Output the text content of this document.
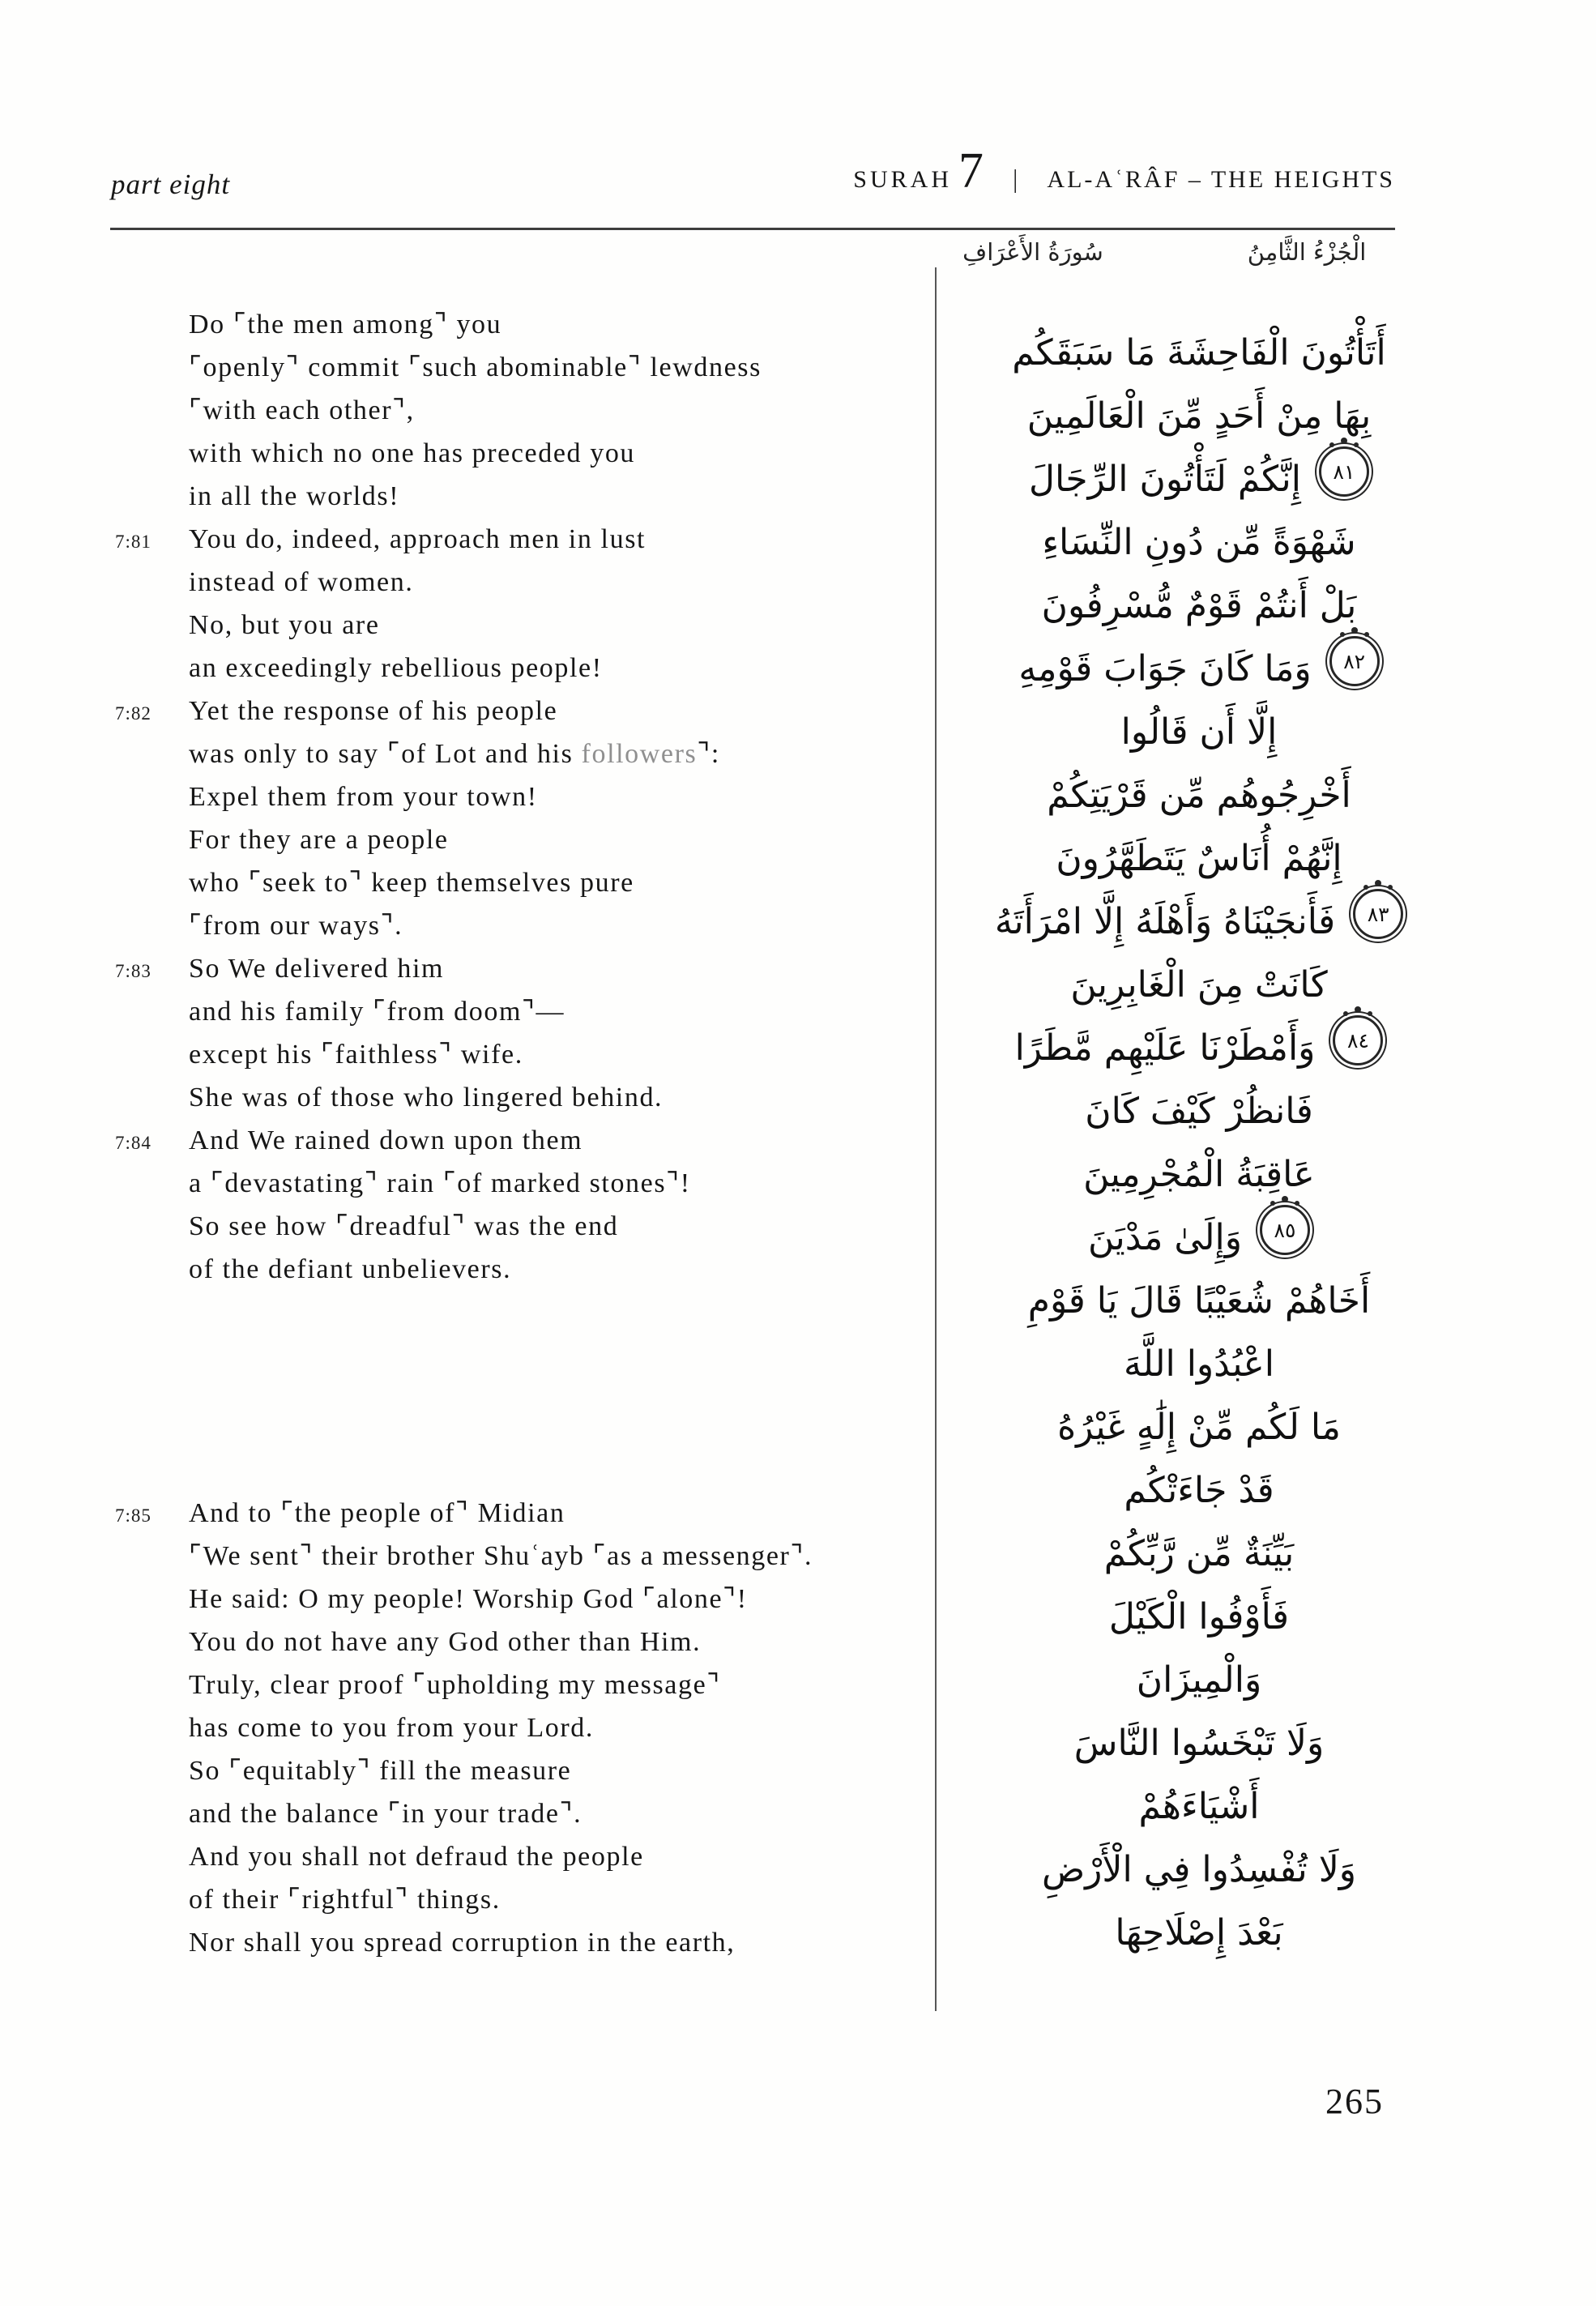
part eight	SURAH 7 | AL-AʿRÂF – THE HEIGHTS
سُورَةُ الأَعْرَافِ	الْجُزْءُ الثَّامِنُ
Do ⌜the men among⌝ you
⌜openly⌝ commit ⌜such abominable⌝ lewdness
⌜with each other⌝,
with which no one has preceded you
in all the worlds!
7:81 You do, indeed, approach men in lust
instead of women.
No, but you are
an exceedingly rebellious people!
7:82 Yet the response of his people
was only to say ⌜of Lot and his followers⌝:
Expel them from your town!
For they are a people
who ⌜seek to⌝ keep themselves pure
⌜from our ways⌝.
7:83 So We delivered him
and his family ⌜from doom⌝—
except his ⌜faithless⌝ wife.
She was of those who lingered behind.
7:84 And We rained down upon them
a ⌜devastating⌝ rain ⌜of marked stones⌝!
So see how ⌜dreadful⌝ was the end
of the defiant unbelievers.
7:85 And to ⌜the people of⌝ Midian
⌜We sent⌝ their brother Shuʿayb ⌜as a messenger⌝.
He said: O my people! Worship God ⌜alone⌝!
You do not have any God other than Him.
Truly, clear proof ⌜upholding my message⌝
has come to you from your Lord.
So ⌜equitably⌝ fill the measure
and the balance ⌜in your trade⌝.
And you shall not defraud the people
of their ⌜rightful⌝ things.
Nor shall you spread corruption in the earth,
أَتَأْتُونَ الْفَاحِشَةَ مَا سَبَقَكُم
بِهَا مِنْ أَحَدٍ مِّنَ الْعَالَمِينَ
٨١إِنَّكُمْ لَتَأْتُونَ الرِّجَالَ
شَهْوَةً مِّن دُونِ النِّسَاءِ
بَلْ أَنتُمْ قَوْمٌ مُّسْرِفُونَ
٨٢وَمَا كَانَ جَوَابَ قَوْمِهِ
إِلَّا أَن قَالُوا
أَخْرِجُوهُم مِّن قَرْيَتِكُمْ
إِنَّهُمْ أُنَاسٌ يَتَطَهَّرُونَ
٨٣فَأَنجَيْنَاهُ وَأَهْلَهُ إِلَّا امْرَأَتَهُ
كَانَتْ مِنَ الْغَابِرِينَ
٨٤وَأَمْطَرْنَا عَلَيْهِم مَّطَرًا
فَانظُرْ كَيْفَ كَانَ
عَاقِبَةُ الْمُجْرِمِينَ
٨٥وَإِلَىٰ مَدْيَنَ
أَخَاهُمْ شُعَيْبًا قَالَ يَا قَوْمِ
اعْبُدُوا اللَّهَ
مَا لَكُم مِّنْ إِلَٰهٍ غَيْرُهُ
قَدْ جَاءَتْكُم
بَيِّنَةٌ مِّن رَّبِّكُمْ
فَأَوْفُوا الْكَيْلَ
وَالْمِيزَانَ
وَلَا تَبْخَسُوا النَّاسَ
أَشْيَاءَهُمْ
وَلَا تُفْسِدُوا فِي الْأَرْضِ
بَعْدَ إِصْلَاحِهَا
265
